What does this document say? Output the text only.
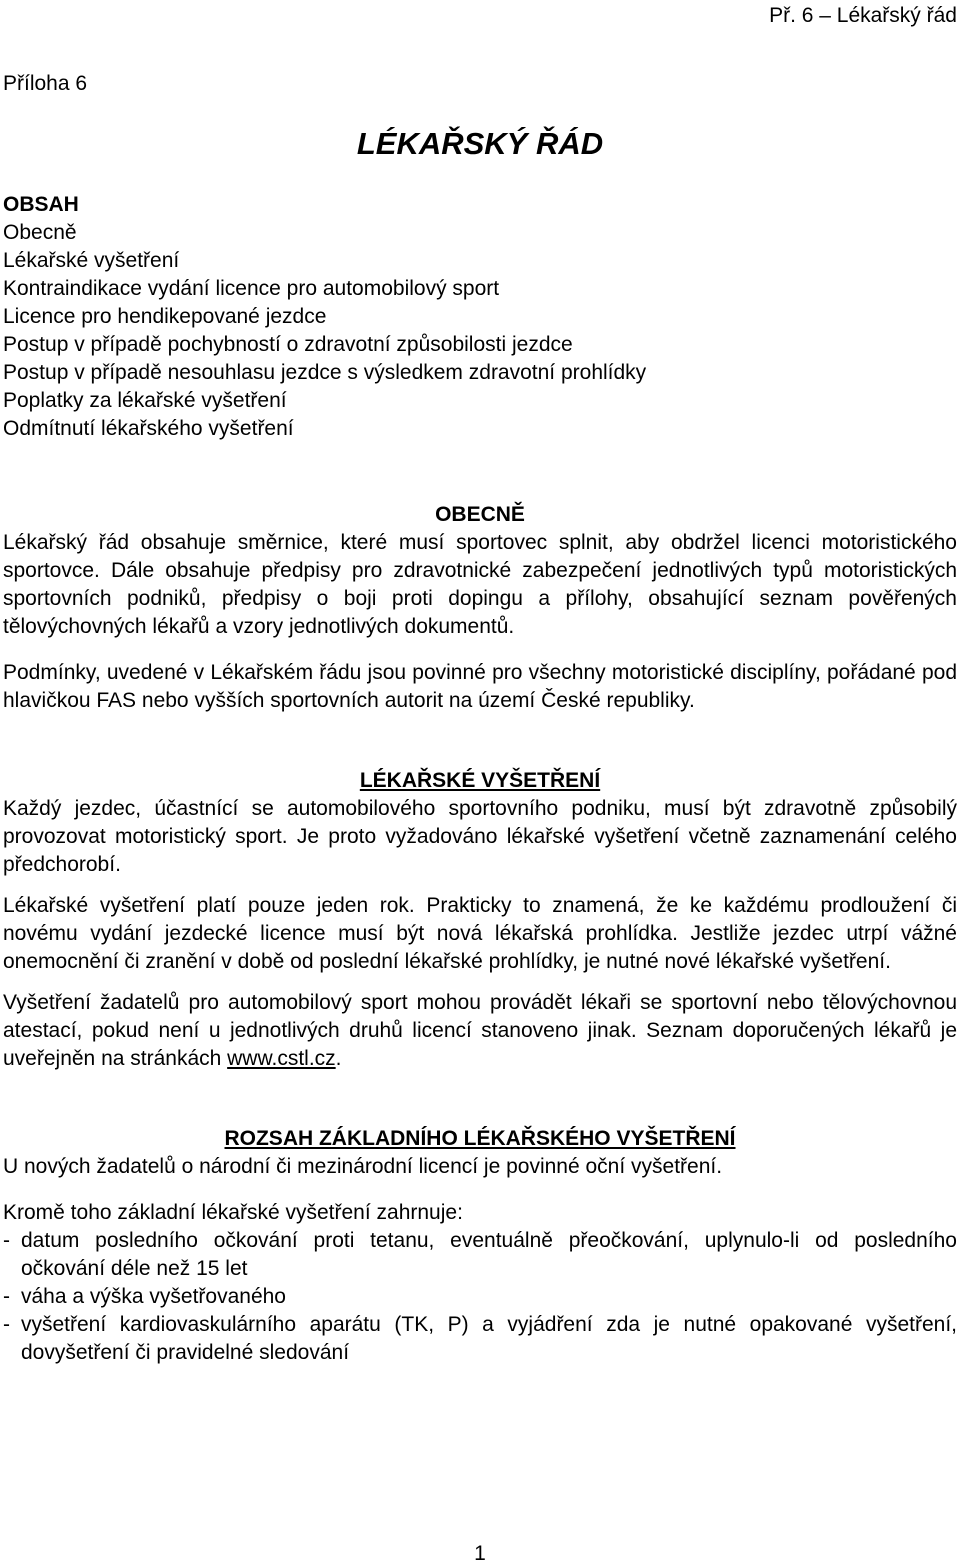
Př. 6 – Lékařský řád
Příloha 6
LÉKAŘSKÝ ŘÁD
OBSAH
Obecně
Lékařské vyšetření
Kontraindikace vydání licence pro automobilový sport
Licence pro hendikepované jezdce
Postup v případě pochybností o zdravotní způsobilosti jezdce
Postup v případě nesouhlasu jezdce s výsledkem zdravotní prohlídky
Poplatky za lékařské vyšetření
Odmítnutí lékařského vyšetření
OBECNĚ

Lékařský řád obsahuje směrnice, které musí sportovec splnit, aby obdržel licenci motoristického sportovce. Dále obsahuje předpisy pro zdravotnické zabezpečení jednotlivých typů motoristických sportovních podniků, předpisy o boji proti dopingu a přílohy, obsahující seznam pověřených tělovýchovných lékařů a vzory jednotlivých dokumentů.

Podmínky, uvedené v Lékařském řádu jsou povinné pro všechny motoristické disciplíny, pořádané pod hlavičkou FAS nebo vyšších sportovních autorit na území České republiky.

LÉKAŘSKÉ VYŠETŘENÍ

Každý jezdec, účastnící se automobilového sportovního podniku, musí být zdravotně způsobilý provozovat motoristický sport. Je proto vyžadováno lékařské vyšetření včetně zaznamenání celého předchorobí.

Lékařské vyšetření platí pouze jeden rok. Prakticky to znamená, že ke každému prodloužení či novému vydání jezdecké licence musí být nová lékařská prohlídka. Jestliže jezdec utrpí vážné onemocnění či zranění v době od poslední lékařské prohlídky, je nutné nové lékařské vyšetření.

Vyšetření žadatelů pro automobilový sport mohou provádět lékaři se sportovní nebo tělovýchovnou atestací, pokud není u jednotlivých druhů licencí stanoveno jinak. Seznam doporučených lékařů je uveřejněn na stránkách www.cstl.cz.

ROZSAH ZÁKLADNÍHO LÉKAŘSKÉHO VYŠETŘENÍ

U nových žadatelů o národní či mezinárodní licencí je povinné oční vyšetření.

Kromě toho základní lékařské vyšetření zahrnuje:

- datum posledního očkování proti tetanu, eventuálně přeočkování, uplynulo-li od posledního očkování déle než 15 let
- váha a výška vyšetřovaného
- vyšetření kardiovaskulárního aparátu (TK, P) a vyjádření zda je nutné opakované vyšetření, dovyšetření či pravidelné sledování
1
